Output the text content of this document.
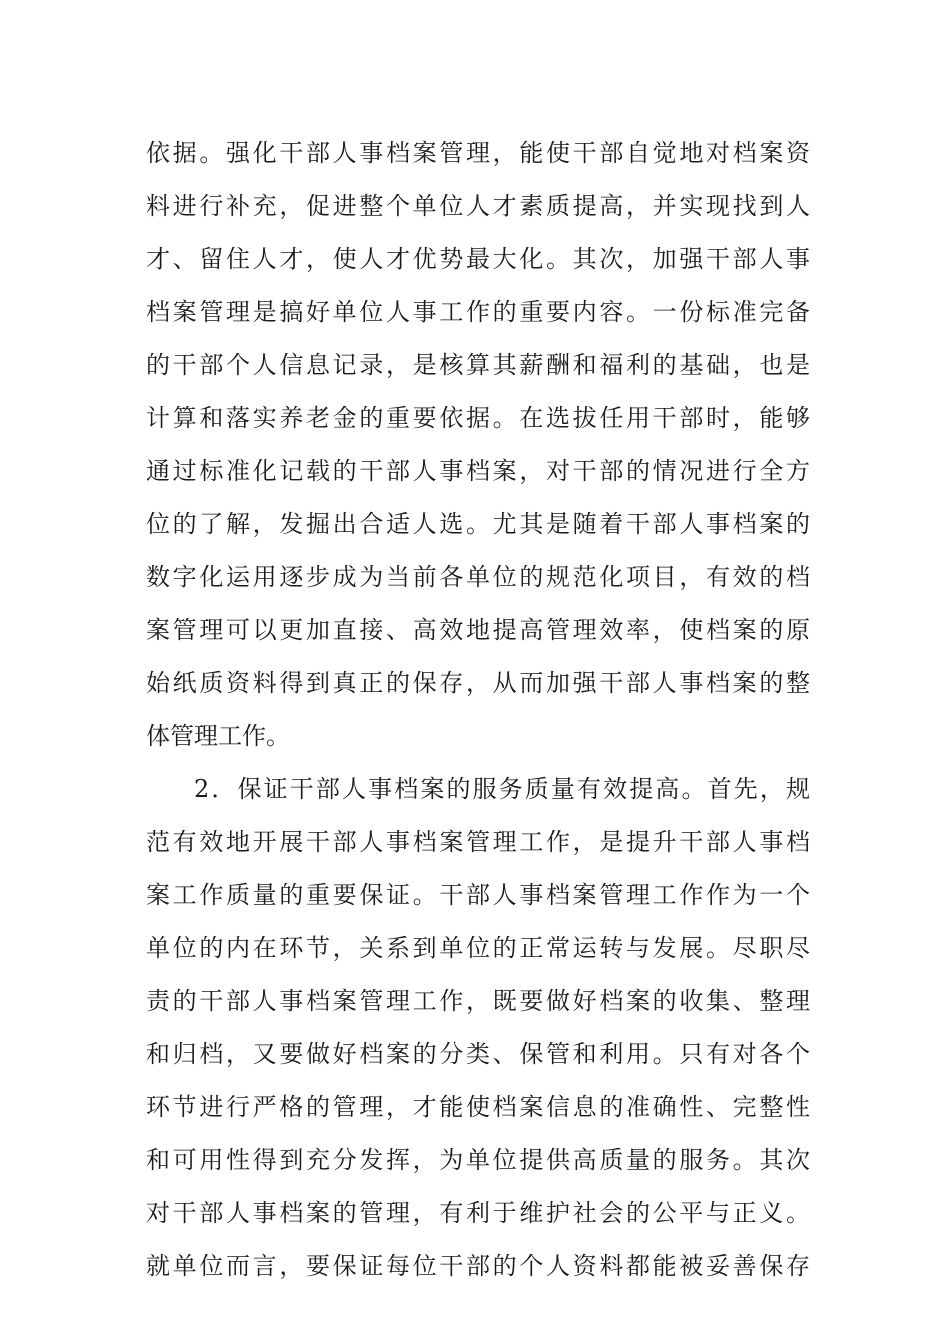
依据。强化干部人事档案管理，能使干部自觉地对档案资
料进行补充，促进整个单位人才素质提高，并实现找到人
才、留住人才，使人才优势最大化。其次，加强干部人事
档案管理是搞好单位人事工作的重要内容。一份标准完备
的干部个人信息记录，是核算其薪酬和福利的基础，也是
计算和落实养老金的重要依据。在选拔任用干部时，能够
通过标准化记载的干部人事档案，对干部的情况进行全方
位的了解，发掘出合适人选。尤其是随着干部人事档案的
数字化运用逐步成为当前各单位的规范化项目，有效的档
案管理可以更加直接、高效地提高管理效率，使档案的原
始纸质资料得到真正的保存，从而加强干部人事档案的整
体管理工作。
2．保证干部人事档案的服务质量有效提高。首先，规
范有效地开展干部人事档案管理工作，是提升干部人事档
案工作质量的重要保证。干部人事档案管理工作作为一个
单位的内在环节，关系到单位的正常运转与发展。尽职尽
责的干部人事档案管理工作，既要做好档案的收集、整理
和归档，又要做好档案的分类、保管和利用。只有对各个
环节进行严格的管理，才能使档案信息的准确性、完整性
和可用性得到充分发挥，为单位提供高质量的服务。其次
对干部人事档案的管理，有利于维护社会的公平与正义。
就单位而言，要保证每位干部的个人资料都能被妥善保存
